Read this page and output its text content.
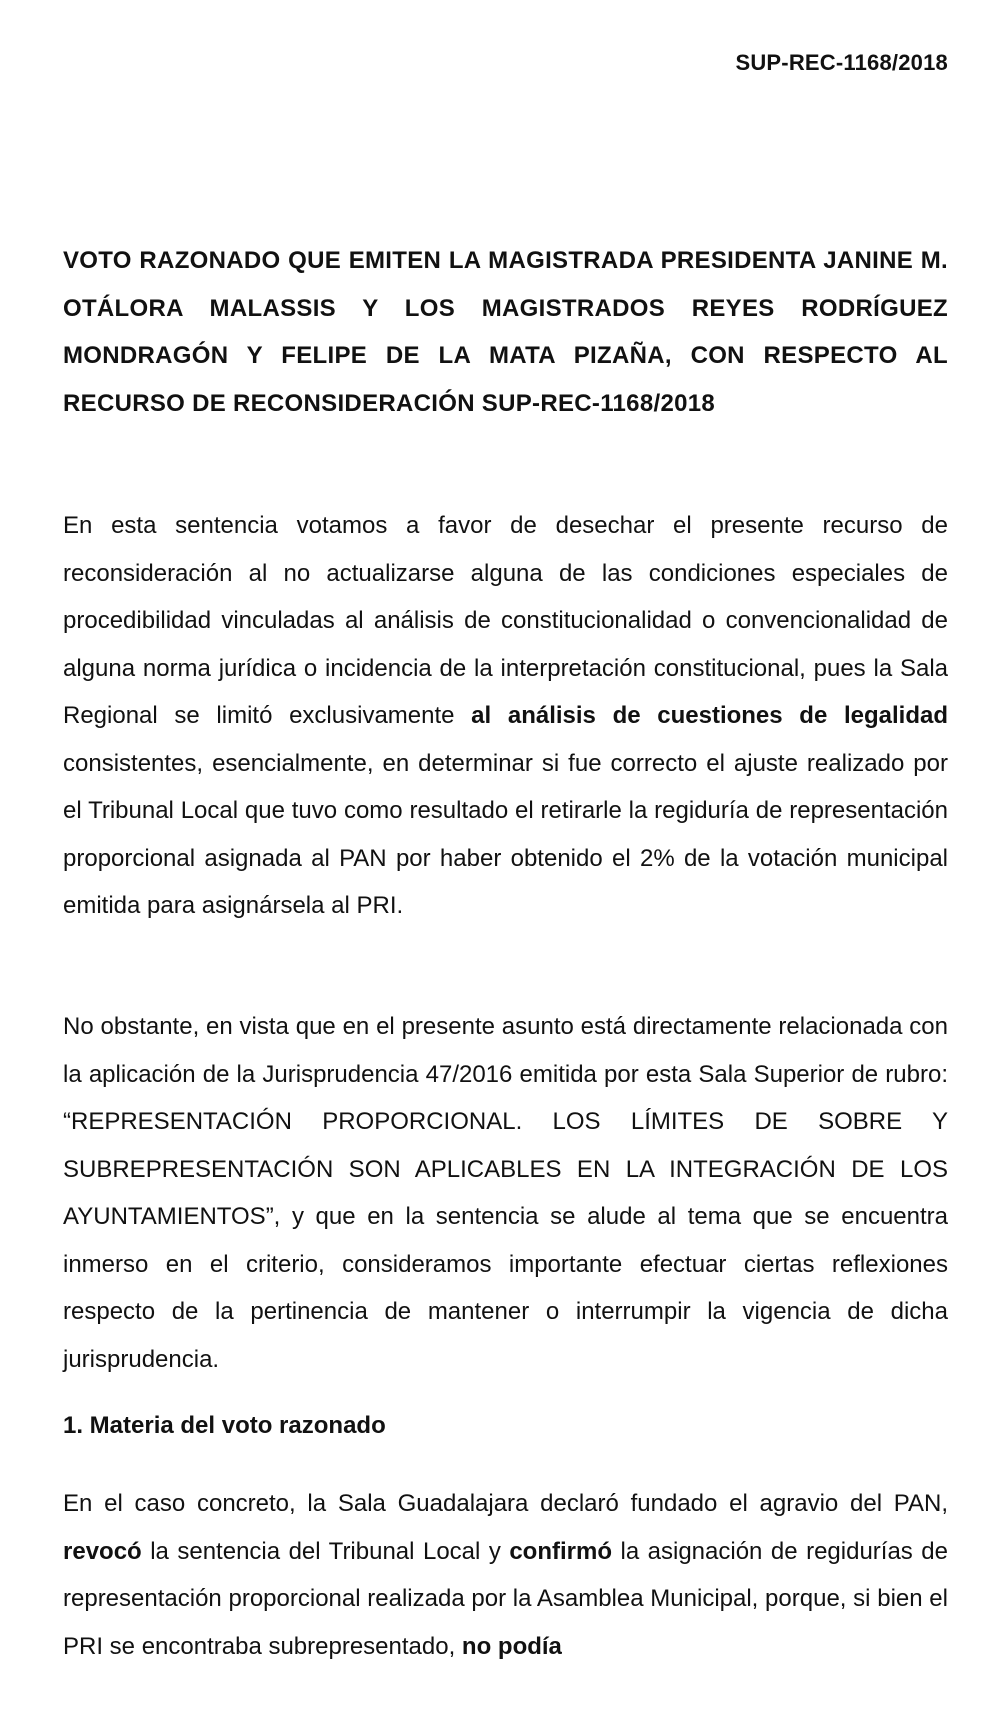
SUP-REC-1168/2018

VOTO RAZONADO QUE EMITEN LA MAGISTRADA PRESIDENTA JANINE M. OTÁLORA MALASSIS Y LOS MAGISTRADOS REYES RODRÍGUEZ MONDRAGÓN Y FELIPE DE LA MATA PIZAÑA, CON RESPECTO AL RECURSO DE RECONSIDERACIÓN SUP-REC-1168/2018

En esta sentencia votamos a favor de desechar el presente recurso de reconsideración al no actualizarse alguna de las condiciones especiales de procedibilidad vinculadas al análisis de constitucionalidad o convencionalidad de alguna norma jurídica o incidencia de la interpretación constitucional, pues la Sala Regional se limitó exclusivamente al análisis de cuestiones de legalidad consistentes, esencialmente, en determinar si fue correcto el ajuste realizado por el Tribunal Local que tuvo como resultado el retirarle la regiduría de representación proporcional asignada al PAN por haber obtenido el 2% de la votación municipal emitida para asignársela al PRI.

No obstante, en vista que en el presente asunto está directamente relacionada con la aplicación de la Jurisprudencia 47/2016 emitida por esta Sala Superior de rubro: “REPRESENTACIÓN PROPORCIONAL. LOS LÍMITES DE SOBRE Y SUBREPRESENTACIÓN SON APLICABLES EN LA INTEGRACIÓN DE LOS AYUNTAMIENTOS”, y que en la sentencia se alude al tema que se encuentra inmerso en el criterio, consideramos importante efectuar ciertas reflexiones respecto de la pertinencia de mantener o interrumpir la vigencia de dicha jurisprudencia.

1. Materia del voto razonado

En el caso concreto, la Sala Guadalajara declaró fundado el agravio del PAN, revocó la sentencia del Tribunal Local y confirmó la asignación de regidurías de representación proporcional realizada por la Asamblea Municipal, porque, si bien el PRI se encontraba subrepresentado, no podía
